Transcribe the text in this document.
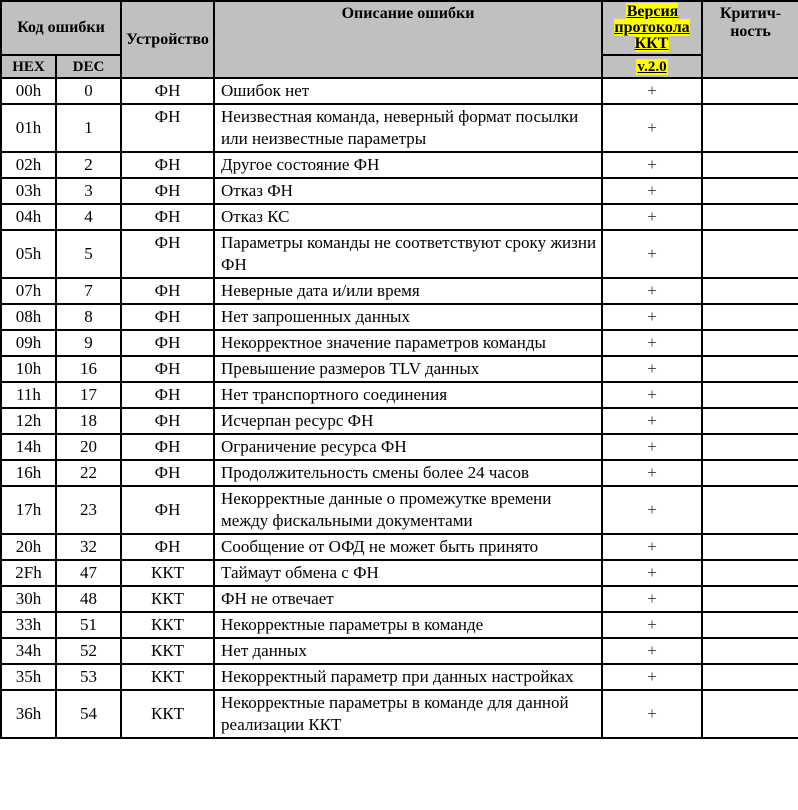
Код ошибки		Устройство	Описание ошибки	Версия протокола ККТ	Критич-
ность

HEX	DEC			v.2.0	
00h	0	ФН	Ошибок нет	+	
01h	1	ФН	Неизвестная команда, неверный формат посылки или неизвестные параметры	+	
02h	2	ФН	Другое состояние ФН	+	
03h	3	ФН	Отказ ФН	+	
04h	4	ФН	Отказ КС	+	
05h	5	ФН	Параметры команды не соответствуют сроку жизни ФН	+	
07h	7	ФН	Неверные дата и/или время	+	
08h	8	ФН	Нет запрошенных данных	+	
09h	9	ФН	Некорректное значение параметров команды	+	
10h	16	ФН	Превышение размеров TLV данных	+	
11h	17	ФН	Нет транспортного соединения	+	
12h	18	ФН	Исчерпан ресурс ФН	+	
14h	20	ФН	Ограничение ресурса ФН	+	
16h	22	ФН	Продолжительность смены более 24 часов	+	
17h	23	ФН	Некорректные данные о промежутке времени между фискальными документами	+	
20h	32	ФН	Сообщение от ОФД не может быть принято	+	
2Fh	47	ККТ	Таймаут обмена с ФН	+	
30h	48	ККТ	ФН не отвечает	+	
33h	51	ККТ	Некорректные параметры в команде	+	
34h	52	ККТ	Нет данных	+	
35h	53	ККТ	Некорректный параметр при данных настройках	+	
36h	54	ККТ	Некорректные параметры в команде для данной реализации ККТ	+	
